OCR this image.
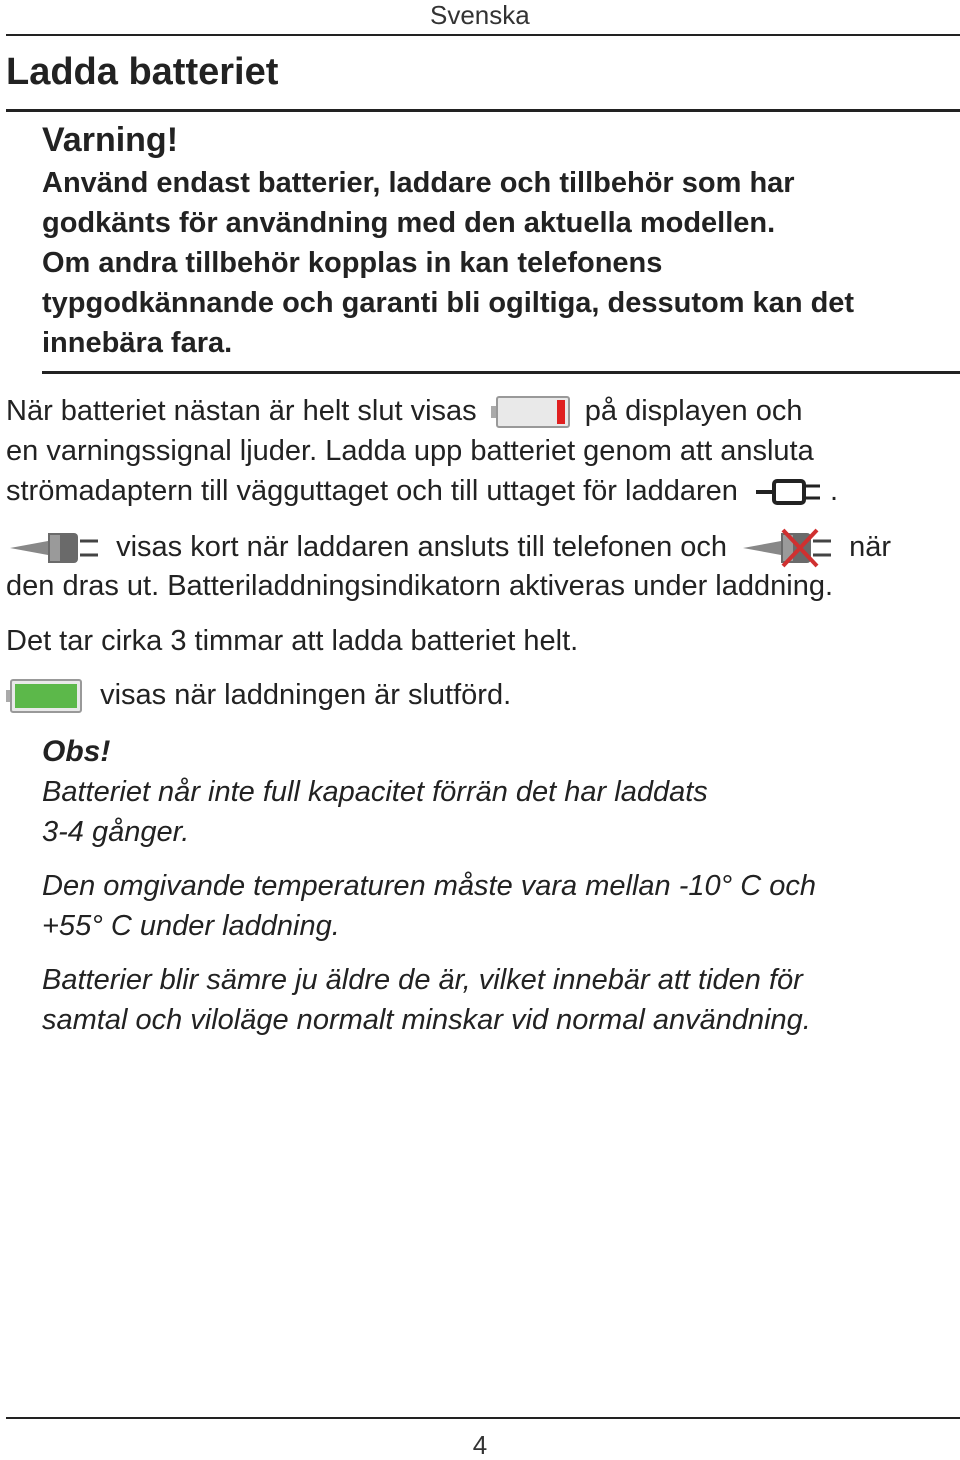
Svenska
Ladda batteriet
Varning!
Använd endast batterier, laddare och tillbehör som har
godkänts för användning med den aktuella modellen.
Om andra tillbehör kopplas in kan telefonens
typgodkännande och garanti bli ogiltiga, dessutom kan det
innebära fara.
När batteriet nästan är helt slut visas	på displayen och
en varningssignal ljuder. Ladda upp batteriet genom att ansluta
strömadaptern till vägguttaget och till uttaget för laddaren	.
visas kort när laddaren ansluts till telefonen och	när
den dras ut. Batteriladdningsindikatorn aktiveras under laddning.
Det tar cirka 3 timmar att ladda batteriet helt.
visas när laddningen är slutförd.
Obs!
Batteriet når inte full kapacitet förrän det har laddats
3-4 gånger.
Den omgivande temperaturen måste vara mellan -10° C och
+55° C under laddning.
Batterier blir sämre ju äldre de är, vilket innebär att tiden för
samtal och viloläge normalt minskar vid normal användning.
4
